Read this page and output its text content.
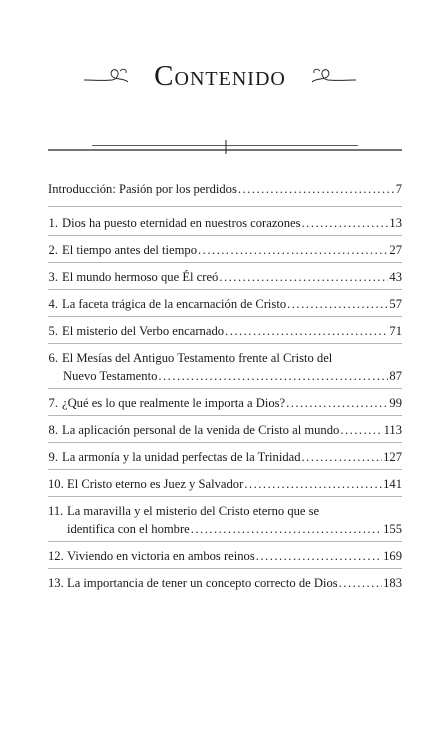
Contenido
Introducción: Pasión por los perdidos .....	7
1. Dios ha puesto eternidad en nuestros corazones .....	13
2. El tiempo antes del tiempo .....	27
3. El mundo hermoso que Él creó .....	43
4. La faceta trágica de la encarnación de Cristo .....	57
5. El misterio del Verbo encarnado .....	71
6. El Mesías del Antiguo Testamento frente al Cristo del
Nuevo Testamento .....	87
7. ¿Qué es lo que realmente le importa a Dios? .....	99
8. La aplicación personal de la venida de Cristo al mundo .....	113
9. La armonía y la unidad perfectas de la Trinidad .....	127
10. El Cristo eterno es Juez y Salvador .....	141
11. La maravilla y el misterio del Cristo eterno que se
identifica con el hombre .....	155
12. Viviendo en victoria en ambos reinos .....	169
13. La importancia de tener un concepto correcto de Dios .....	183
